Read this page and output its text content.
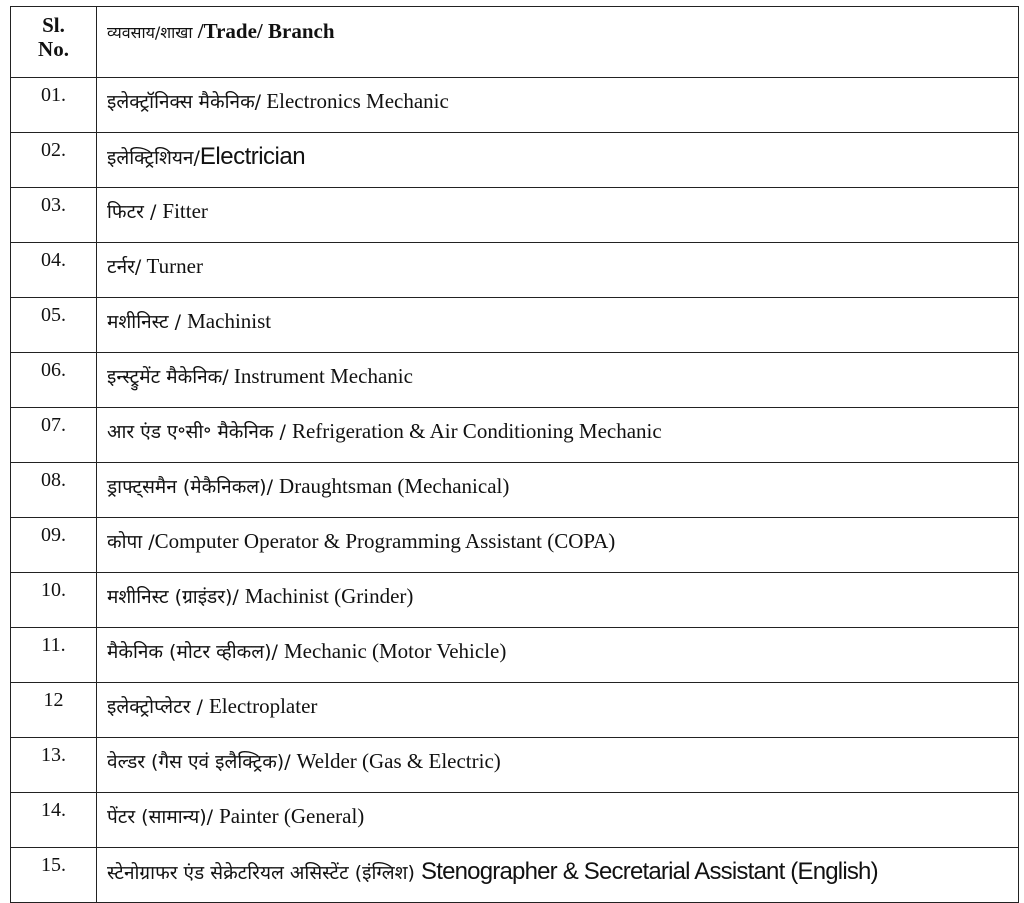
Sl.
No.	व्यवसाय/शाखा /Trade/ Branch
01.	इलेक्ट्रॉनिक्स मैकेनिक/ Electronics Mechanic
02.	इलेक्ट्रिशियन/Electrician
03.	फिटर / Fitter
04.	टर्नर/ Turner
05.	मशीनिस्ट / Machinist
06.	इन्स्ट्रुमेंट मैकेनिक/ Instrument Mechanic
07.	आर एंड ए॰सी॰ मैकेनिक / Refrigeration & Air Conditioning Mechanic
08.	ड्राफ्ट्समैन (मेकैनिकल)/ Draughtsman (Mechanical)
09.	कोपा /Computer Operator & Programming Assistant (COPA)
10.	मशीनिस्ट (ग्राइंडर)/ Machinist (Grinder)
11.	मैकेनिक (मोटर व्हीकल)/ Mechanic (Motor Vehicle)
12	इलेक्ट्रोप्लेटर / Electroplater
13.	वेल्डर (गैस एवं इलैक्ट्रिक)/ Welder (Gas & Electric)
14.	पेंटर (सामान्य)/ Painter (General)
15.	स्टेनोग्राफर एंड सेक्रेटरियल असिस्टेंट (इंग्लिश) Stenographer & Secretarial Assistant (English)
